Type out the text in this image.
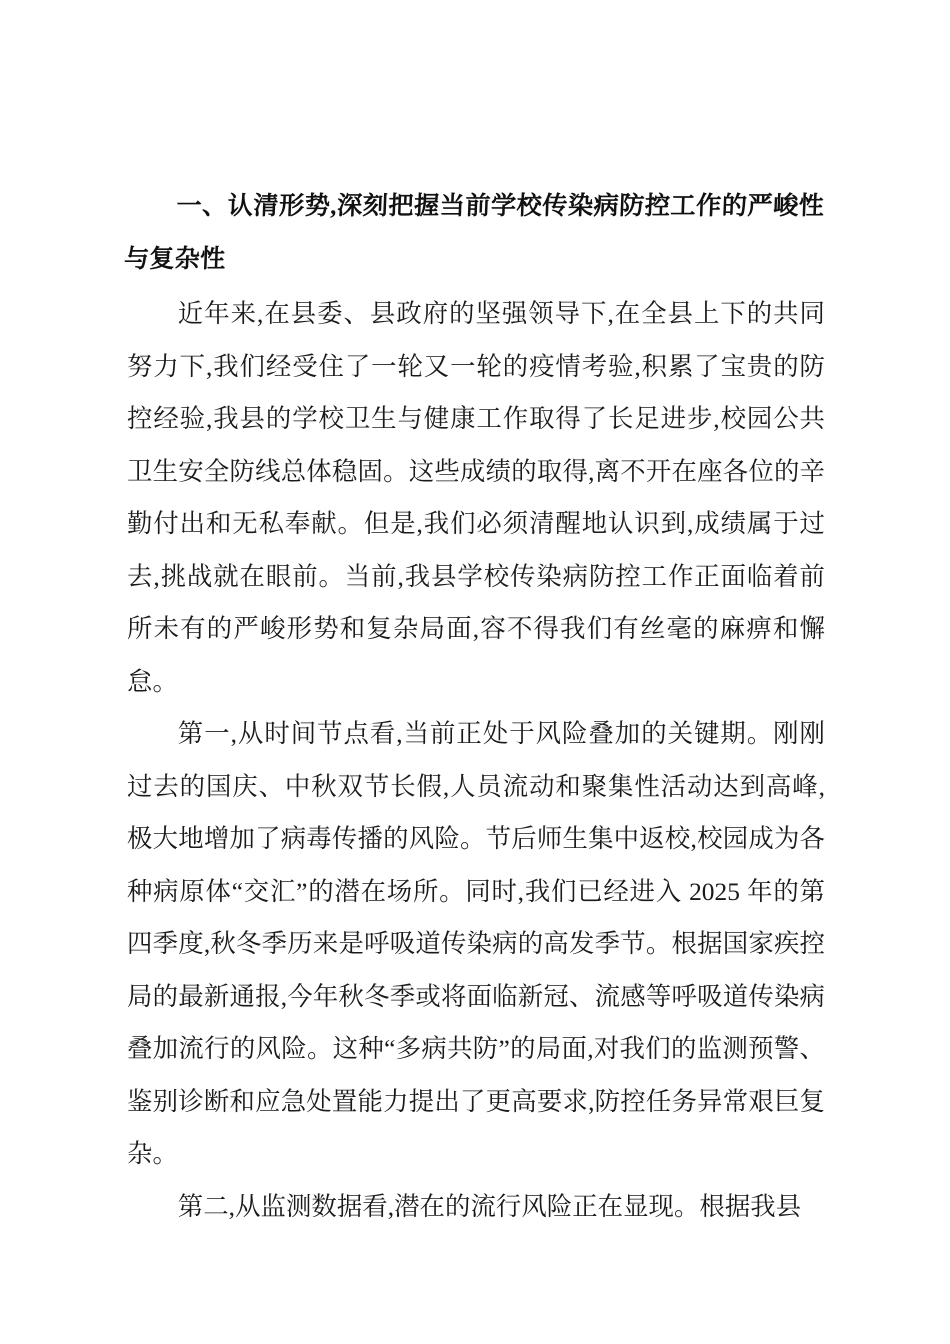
一、认清形势,深刻把握当前学校传染病防控工作的严峻性与复杂性

近年来,在县委、县政府的坚强领导下,在全县上下的共同努力下,我们经受住了一轮又一轮的疫情考验,积累了宝贵的防控经验,我县的学校卫生与健康工作取得了长足进步,校园公共卫生安全防线总体稳固。这些成绩的取得,离不开在座各位的辛勤付出和无私奉献。但是,我们必须清醒地认识到,成绩属于过去,挑战就在眼前。当前,我县学校传染病防控工作正面临着前所未有的严峻形势和复杂局面,容不得我们有丝毫的麻痹和懈怠。

第一,从时间节点看,当前正处于风险叠加的关键期。刚刚过去的国庆、中秋双节长假,人员流动和聚集性活动达到高峰,极大地增加了病毒传播的风险。节后师生集中返校,校园成为各种病原体“交汇”的潜在场所。同时,我们已经进入 2025 年的第四季度,秋冬季历来是呼吸道传染病的高发季节。根据国家疾控局的最新通报,今年秋冬季或将面临新冠、流感等呼吸道传染病叠加流行的风险。这种“多病共防”的局面,对我们的监测预警、鉴别诊断和应急处置能力提出了更高要求,防控任务异常艰巨复杂。

第二,从监测数据看,潜在的流行风险正在显现。根据我县
